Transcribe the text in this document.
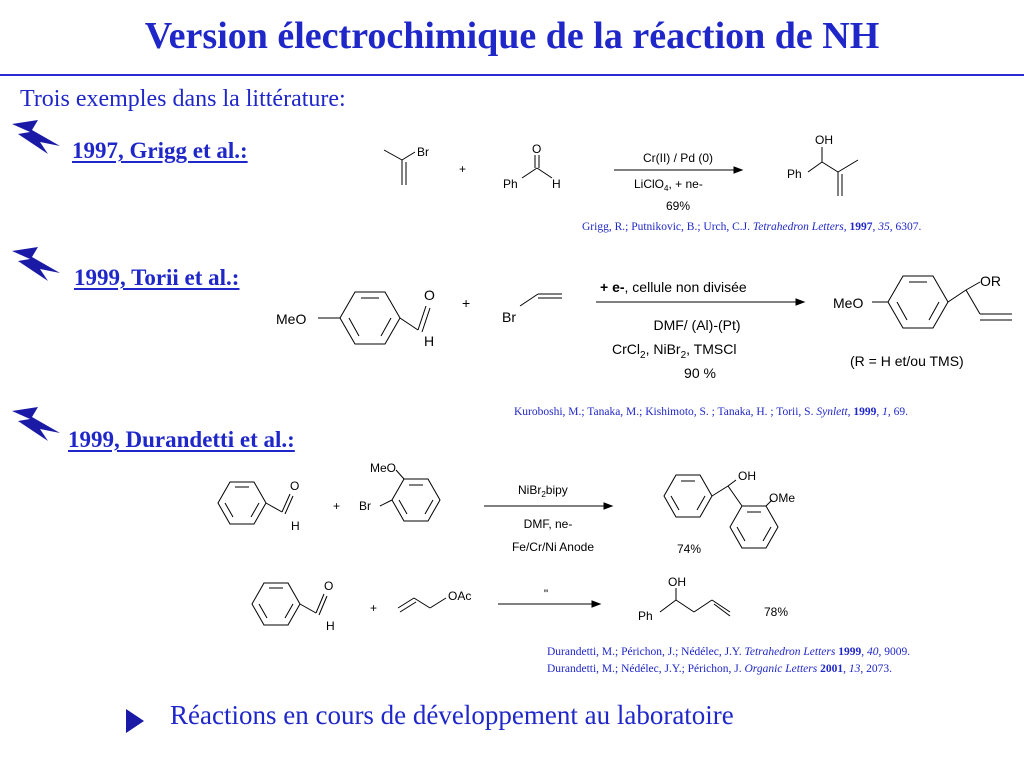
Version électrochimique de la réaction de NH
Trois exemples dans la littérature:
1997, Grigg et al.:
1999, Torii et al.:
1999, Durandetti et al.:
Br
+
O
Ph	H
Cr(II) / Pd (0)
LiClO$_4$, + ne-
69%
OH
Ph
MeO
O
H
+
Br
+ e-, cellule non divisée
DMF/ (Al)-(Pt)
CrCl$_2$, NiBr$_2$, TMSCl
90 %
MeO
OR
(R = H et/ou TMS)
O
H
+ Br
MeO
NiBr$_2$bipy
DMF, ne-
Fe/Cr/Ni Anode
OH
OMe
74%
O
H
+
OAc	"
OH
Ph	78%
Grigg, R.; Putnikovic, B.; Urch, C.J. Tetrahedron Letters, 1997, 35, 6307.
Kuroboshi, M.; Tanaka, M.; Kishimoto, S. ; Tanaka, H. ; Torii, S. Synlett, 1999, 1, 69.
Durandetti, M.; Périchon, J.; Nédélec, J.Y. Tetrahedron Letters 1999, 40, 9009.
Durandetti, M.; Nédélec, J.Y.; Périchon, J. Organic Letters 2001, 13, 2073.
Réactions en cours de développement au laboratoire
